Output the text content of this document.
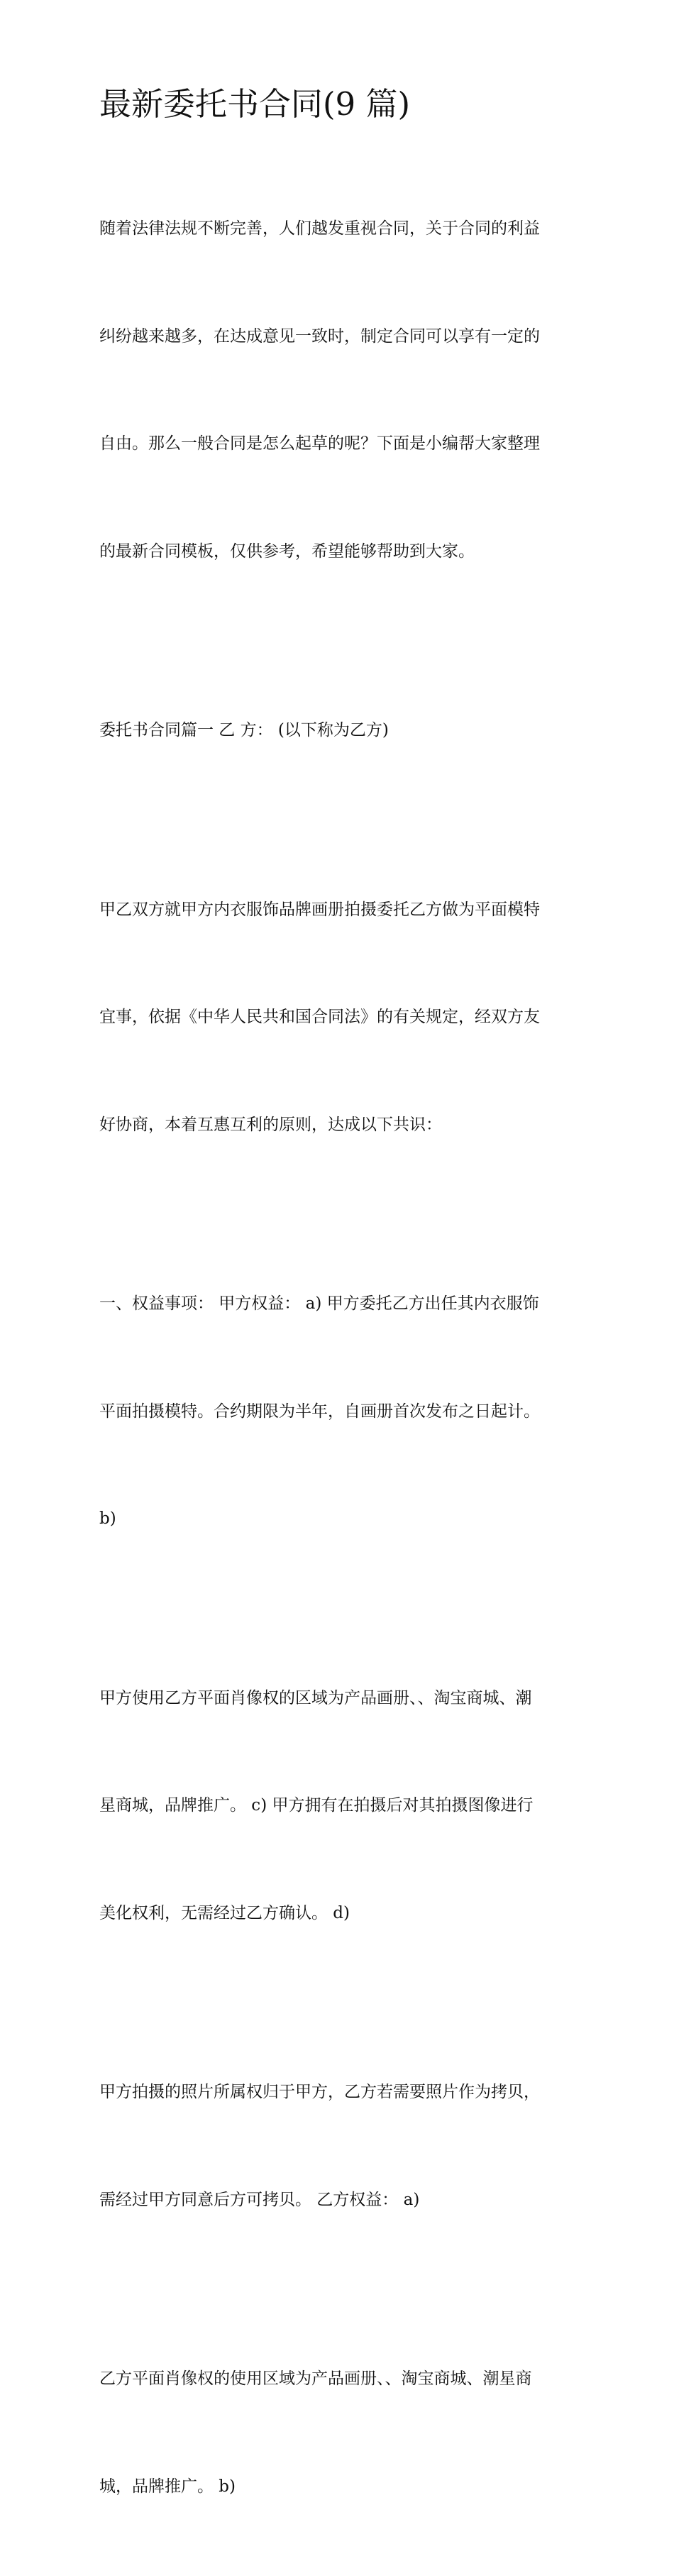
最新委托书合同(9 篇)

随着法律法规不断完善，人们越发重视合同，关于合同的利益

纠纷越来越多，在达成意见一致时，制定合同可以享有一定的

自由。那么一般合同是怎么起草的呢？下面是小编帮大家整理

的最新合同模板，仅供参考，希望能够帮助到大家。

委托书合同篇一 乙 方： (以下称为乙方)

甲乙双方就甲方内衣服饰品牌画册拍摄委托乙方做为平面模特

宜事，依据《中华人民共和国合同法》的有关规定，经双方友

好协商，本着互惠互利的原则，达成以下共识：

一、权益事项： 甲方权益： a) 甲方委托乙方出任其内衣服饰

平面拍摄模特。合约期限为半年，自画册首次发布之日起计。

b)

甲方使用乙方平面肖像权的区域为产品画册、、淘宝商城、潮

星商城，品牌推广。 c) 甲方拥有在拍摄后对其拍摄图像进行

美化权利，无需经过乙方确认。 d)

甲方拍摄的照片所属权归于甲方，乙方若需要照片作为拷贝，

需经过甲方同意后方可拷贝。 乙方权益： a)

乙方平面肖像权的使用区域为产品画册、、淘宝商城、潮星商

城，品牌推广。 b)
